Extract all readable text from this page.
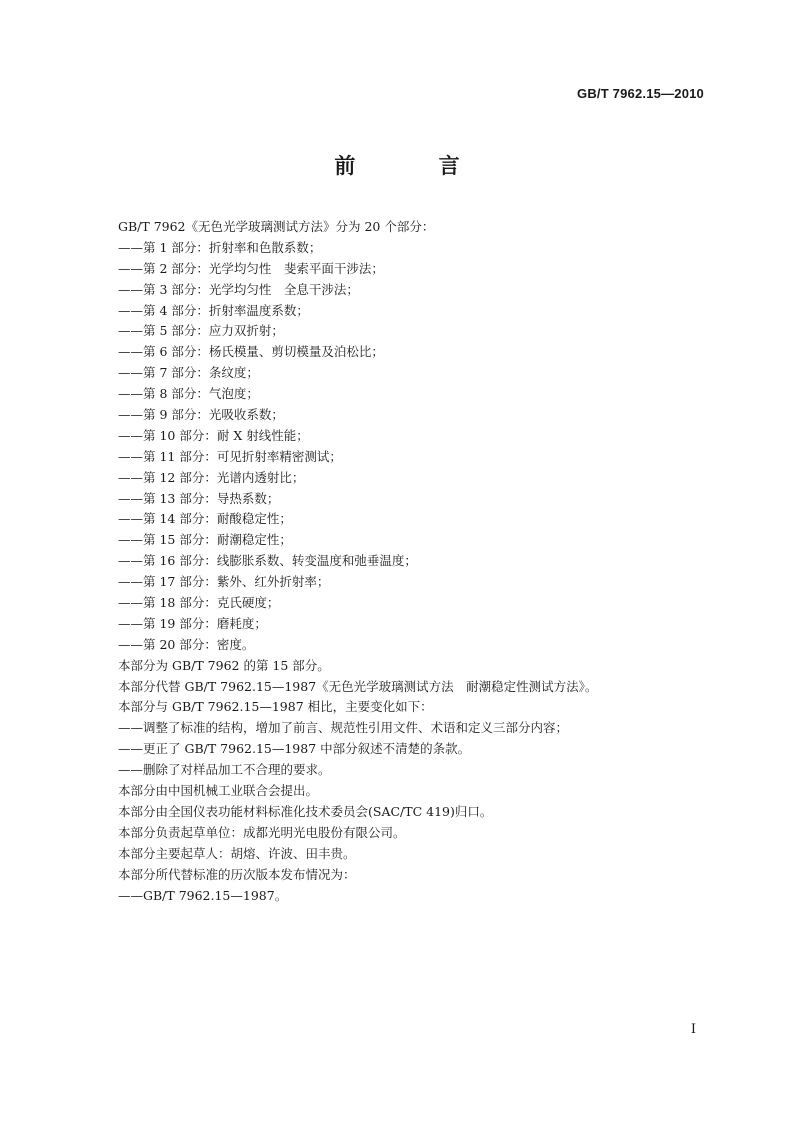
GB/T 7962.15—2010
前 言
GB/T 7962《无色光学玻璃测试方法》分为 20 个部分：
——第 1 部分：折射率和色散系数；
——第 2 部分：光学均匀性　斐索平面干涉法；
——第 3 部分：光学均匀性　全息干涉法；
——第 4 部分：折射率温度系数；
——第 5 部分：应力双折射；
——第 6 部分：杨氏模量、剪切模量及泊松比；
——第 7 部分：条纹度；
——第 8 部分：气泡度；
——第 9 部分：光吸收系数；
——第 10 部分：耐 X 射线性能；
——第 11 部分：可见折射率精密测试；
——第 12 部分：光谱内透射比；
——第 13 部分：导热系数；
——第 14 部分：耐酸稳定性；
——第 15 部分：耐潮稳定性；
——第 16 部分：线膨胀系数、转变温度和弛垂温度；
——第 17 部分：紫外、红外折射率；
——第 18 部分：克氏硬度；
——第 19 部分：磨耗度；
——第 20 部分：密度。
本部分为 GB/T 7962 的第 15 部分。
本部分代替 GB/T 7962.15—1987《无色光学玻璃测试方法　耐潮稳定性测试方法》。
本部分与 GB/T 7962.15—1987 相比，主要变化如下：
——调整了标准的结构，增加了前言、规范性引用文件、术语和定义三部分内容；
——更正了 GB/T 7962.15—1987 中部分叙述不清楚的条款。
——删除了对样品加工不合理的要求。
本部分由中国机械工业联合会提出。
本部分由全国仪表功能材料标准化技术委员会(SAC/TC 419)归口。
本部分负责起草单位：成都光明光电股份有限公司。
本部分主要起草人：胡熔、许波、田丰贵。
本部分所代替标准的历次版本发布情况为：
——GB/T 7962.15—1987。
I
